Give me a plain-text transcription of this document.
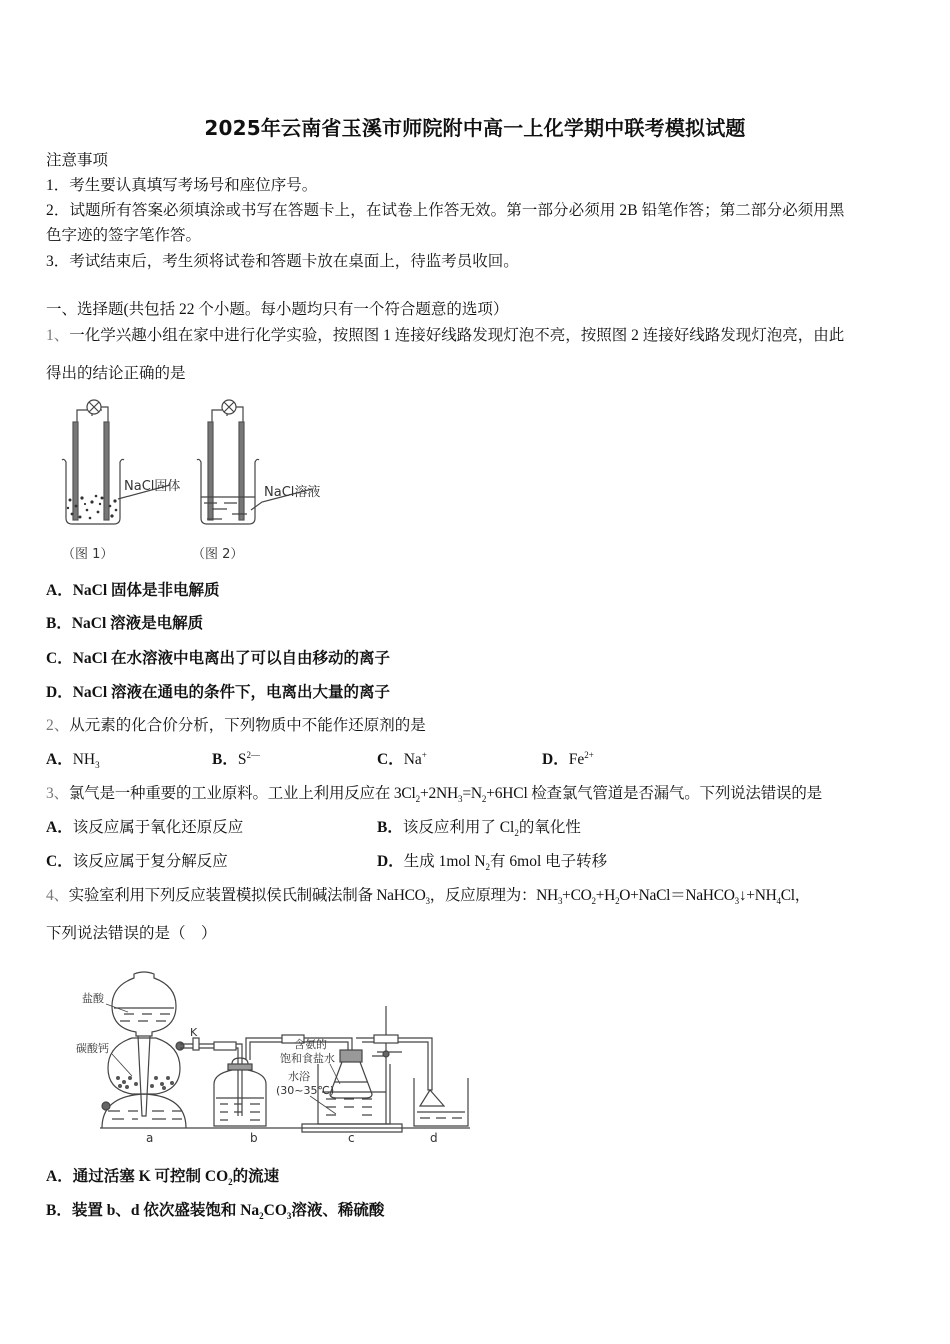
2025年云南省玉溪市师院附中高一上化学期中联考模拟试题
注意事项
1．考生要认真填写考场号和座位序号。
2．试题所有答案必须填涂或书写在答题卡上，在试卷上作答无效。第一部分必须用 2B 铅笔作答；第二部分必须用黑
色字迹的签字笔作答。
3．考试结束后，考生须将试卷和答题卡放在桌面上，待监考员收回。
一、选择题(共包括 22 个小题。每小题均只有一个符合题意的选项）
1、一化学兴趣小组在家中进行化学实验，按照图 1 连接好线路发现灯泡不亮，按照图 2 连接好线路发现灯泡亮，由此
得出的结论正确的是
NaCl固体	NaCl溶液
（图 1）	（图 2）
A．NaCl 固体是非电解质
B．NaCl 溶液是电解质
C．NaCl 在水溶液中电离出了可以自由移动的离子
D．NaCl 溶液在通电的条件下，电离出大量的离子
2、从元素的化合价分析，下列物质中不能作还原剂的是
A．$NH_3$	B．$S^{2—}$	C．Na+	D．$Fe^{2+}$
3、氯气是一种重要的工业原料。工业上利用反应在 $3Cl_2+2NH_3=N_2+6HCl$ 检查氯气管道是否漏气。下列说法错误的是
A．该反应属于氧化还原反应	B．该反应利用了 $Cl_2$的氧化性
C．该反应属于复分解反应	D．生成 1mol $N_2$有 6mol 电子转移
4、实验室利用下列反应装置模拟侯氏制碱法制备 NaHCO$_3$，反应原理为：$NH_3+CO_2+H_2O+NaCl=NaHCO_3↓+NH_4Cl$，
下列说法错误的是（　）
盐酸
碳酸钙
K
含氨的
饱和食盐水
水浴
(30~35℃)
a	b	c	d
A．通过活塞 K 可控制 $CO_2$的流速
B．装置 b、d 依次盛装饱和 $Na_2CO_3$溶液、稀硫酸
